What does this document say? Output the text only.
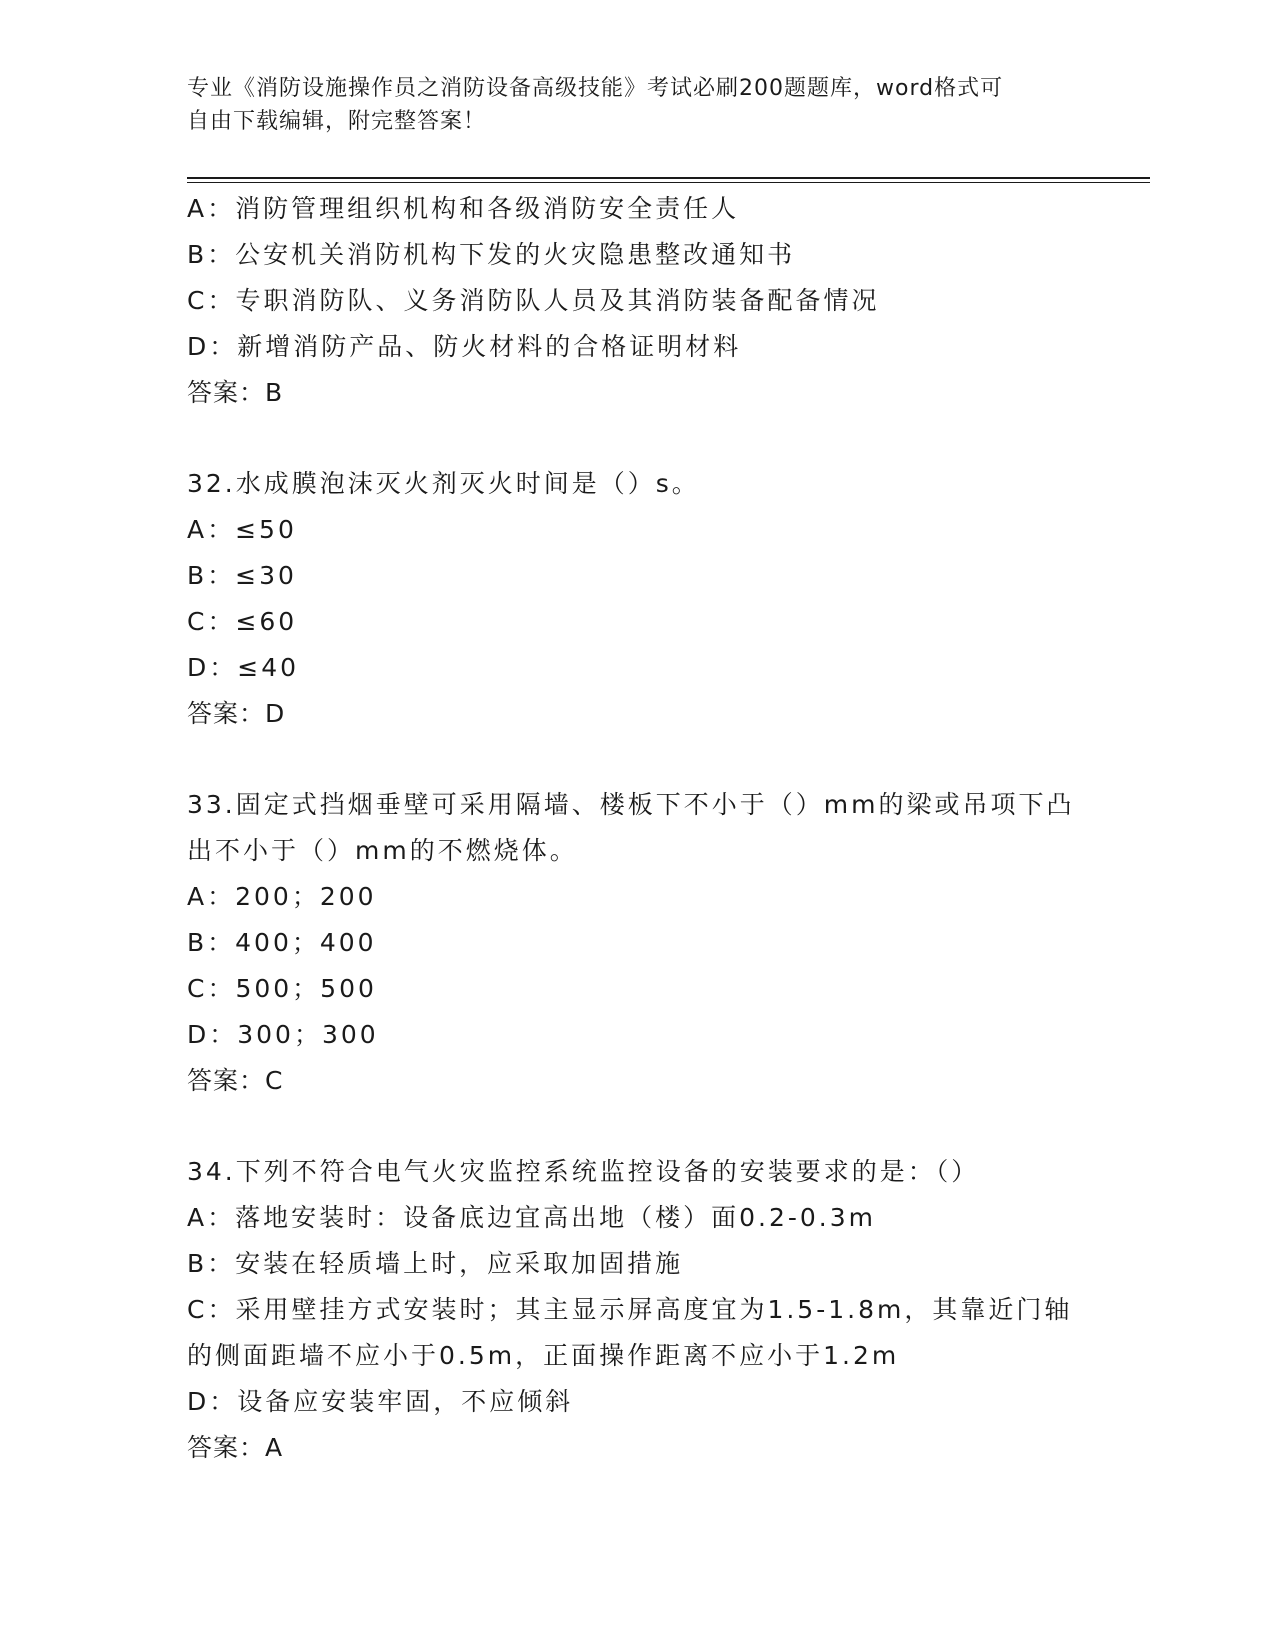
专业《消防设施操作员之消防设备高级技能》考试必刷200题题库，word格式可

自由下载编辑，附完整答案！

A：消防管理组织机构和各级消防安全责任人

B：公安机关消防机构下发的火灾隐患整改通知书

C：专职消防队、义务消防队人员及其消防装备配备情况

D：新增消防产品、防火材料的合格证明材料

答案：B

32.水成膜泡沫灭火剂灭火时间是（）s。

A：≤50

B：≤30

C：≤60

D：≤40

答案：D

33.固定式挡烟垂壁可采用隔墙、楼板下不小于（）mm的梁或吊项下凸

出不小于（）mm的不燃烧体。

A：200；200

B：400；400

C：500；500

D：300；300

答案：C

34.下列不符合电气火灾监控系统监控设备的安装要求的是：（）

A：落地安装时：设备底边宜高出地（楼）面0.2-0.3m

B：安装在轻质墙上时，应采取加固措施

C：采用壁挂方式安装时；其主显示屏高度宜为1.5-1.8m，其靠近门轴

的侧面距墙不应小于0.5m，正面操作距离不应小于1.2m

D：设备应安装牢固，不应倾斜

答案：A
